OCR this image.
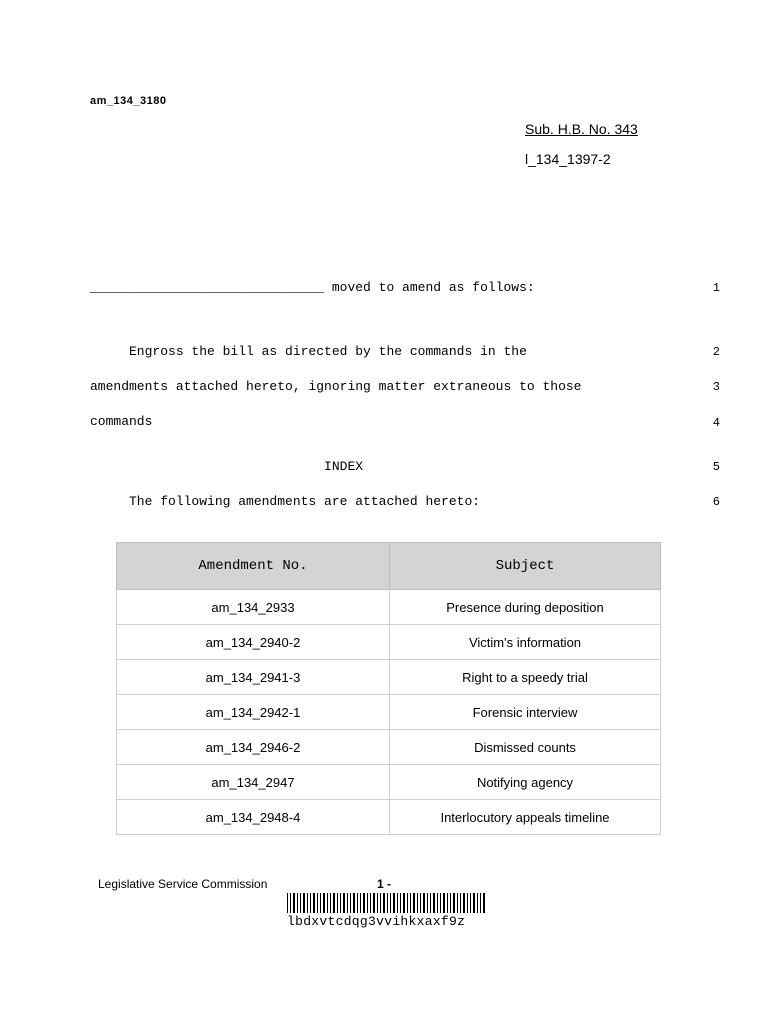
am_134_3180
Sub. H.B. No. 343
l_134_1397-2
______________________________ moved to amend as follows:	1
Engross the bill as directed by the commands in the	2
amendments attached hereto, ignoring matter extraneous to those	3
commands	4
INDEX	5
The following amendments are attached hereto:	6
Amendment No.	Subject
am_134_2933	Presence during deposition
am_134_2940-2	Victim's information
am_134_2941-3	Right to a speedy trial
am_134_2942-1	Forensic interview
am_134_2946-2	Dismissed counts
am_134_2947	Notifying agency
am_134_2948-4	Interlocutory appeals timeline
Legislative Service Commission	1 -
lbdxvtcdqg3vvihkxaxf9z
